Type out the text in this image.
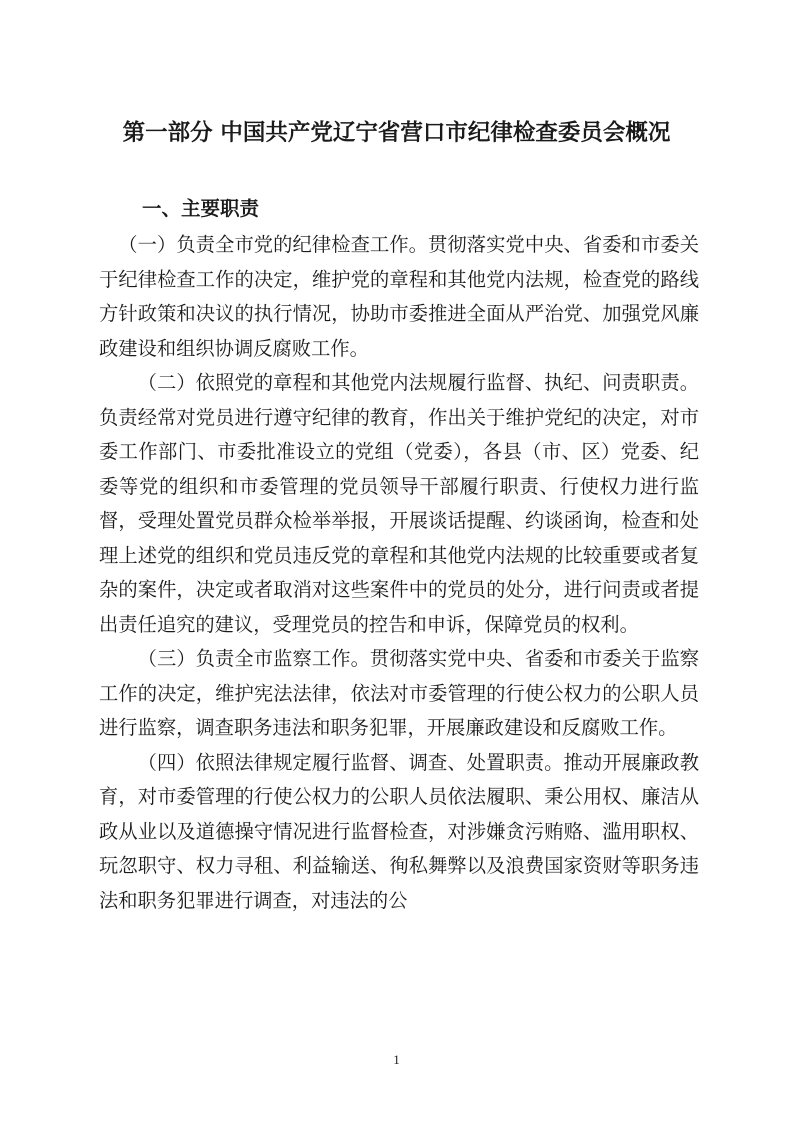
第一部分 中国共产党辽宁省营口市纪律检查委员会概况
一、主要职责

（一）负责全市党的纪律检查工作。贯彻落实党中央、省委和市委关于纪律检查工作的决定，维护党的章程和其他党内法规，检查党的路线方针政策和决议的执行情况，协助市委推进全面从严治党、加强党风廉政建设和组织协调反腐败工作。

（二）依照党的章程和其他党内法规履行监督、执纪、问责职责。负责经常对党员进行遵守纪律的教育，作出关于维护党纪的决定，对市委工作部门、市委批准设立的党组（党委），各县（市、区）党委、纪委等党的组织和市委管理的党员领导干部履行职责、行使权力进行监督，受理处置党员群众检举举报，开展谈话提醒、约谈函询，检查和处理上述党的组织和党员违反党的章程和其他党内法规的比较重要或者复杂的案件，决定或者取消对这些案件中的党员的处分，进行问责或者提出责任追究的建议，受理党员的控告和申诉，保障党员的权利。

（三）负责全市监察工作。贯彻落实党中央、省委和市委关于监察工作的决定，维护宪法法律，依法对市委管理的行使公权力的公职人员进行监察，调查职务违法和职务犯罪，开展廉政建设和反腐败工作。

（四）依照法律规定履行监督、调查、处置职责。推动开展廉政教育，对市委管理的行使公权力的公职人员依法履职、秉公用权、廉洁从政从业以及道德操守情况进行监督检查，对涉嫌贪污贿赂、滥用职权、玩忽职守、权力寻租、利益输送、徇私舞弊以及浪费国家资财等职务违法和职务犯罪进行调查，对违法的公

1
